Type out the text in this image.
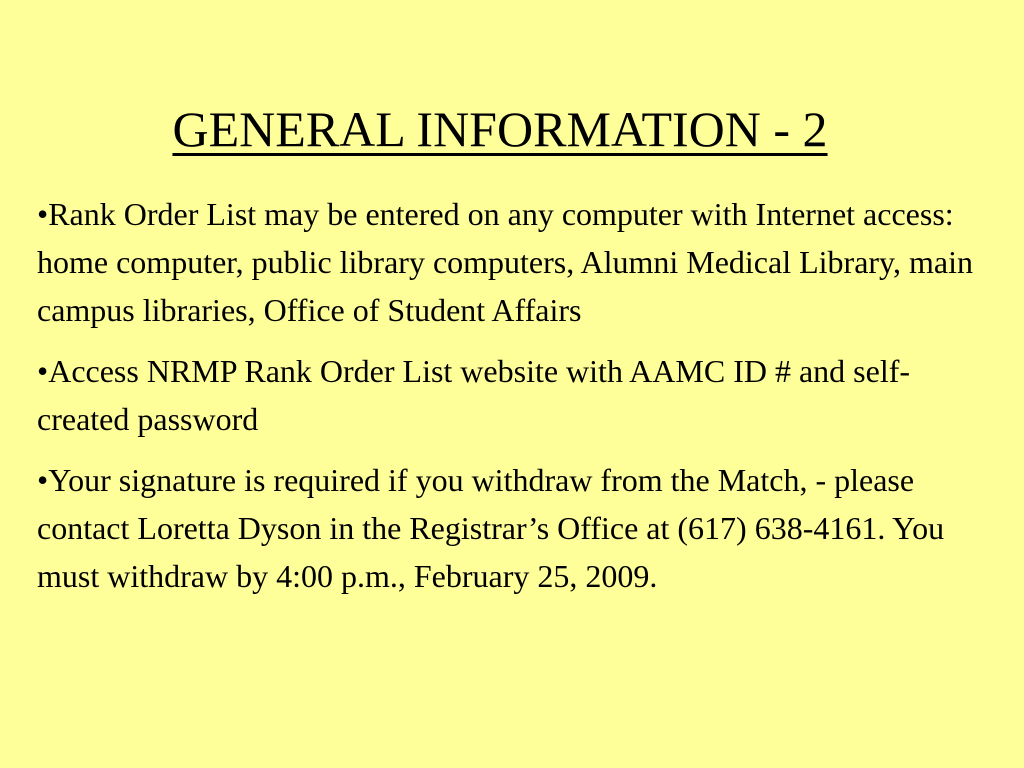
GENERAL INFORMATION - 2
•Rank Order List may be entered on any computer with Internet access: home computer, public library computers, Alumni Medical Library, main campus libraries, Office of Student Affairs
•Access NRMP Rank Order List website with AAMC ID # and self-created password
•Your signature is required if you withdraw from the Match, - please contact Loretta Dyson in the Registrar’s Office at (617) 638-4161. You must withdraw by 4:00 p.m., February 25, 2009.
